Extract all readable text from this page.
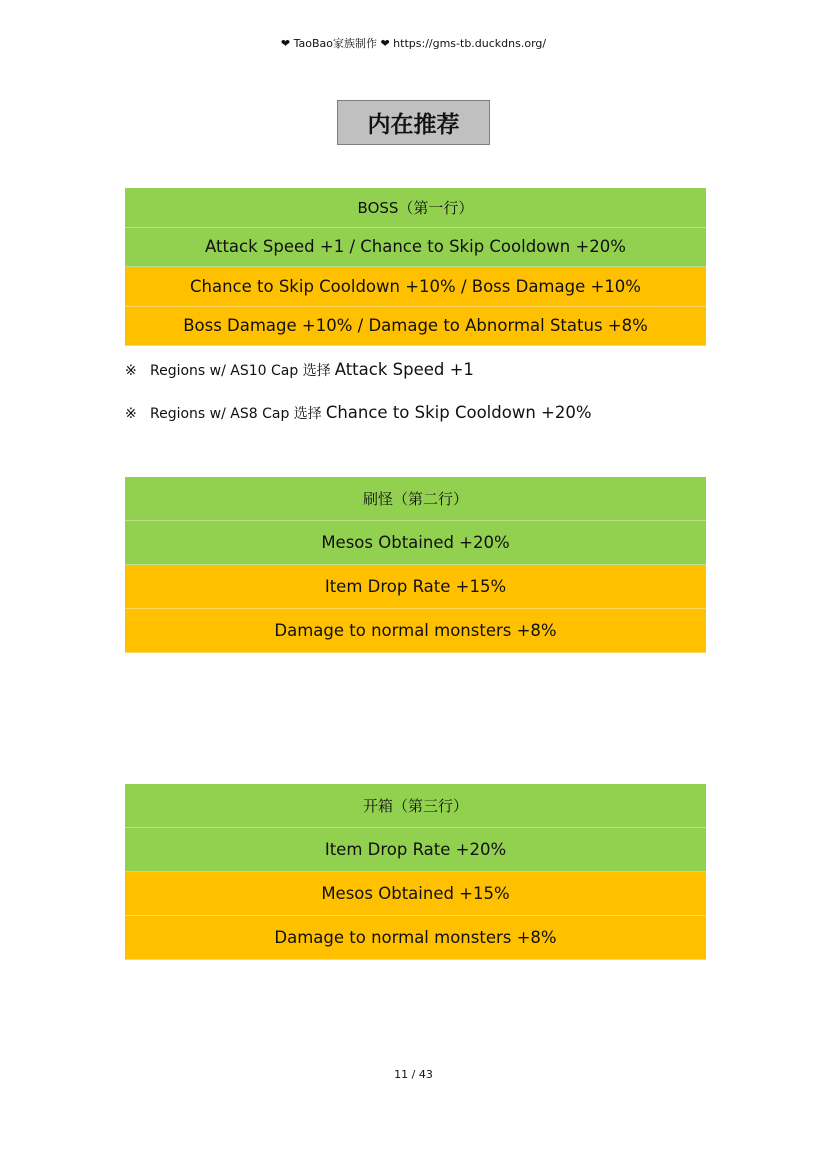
❤ TaoBao家族制作 ❤ https://gms-tb.duckdns.org/
内在推荐
BOSS（第一行）
Attack Speed +1 / Chance to Skip Cooldown +20%
Chance to Skip Cooldown +10% / Boss Damage +10%
Boss Damage +10% / Damage to Abnormal Status +8%
※ Regions w/ AS10 Cap 选择 Attack Speed +1
※ Regions w/ AS8 Cap 选择 Chance to Skip Cooldown +20%
刷怪（第二行）
Mesos Obtained +20%
Item Drop Rate +15%
Damage to normal monsters +8%
开箱（第三行）
Item Drop Rate +20%
Mesos Obtained +15%
Damage to normal monsters +8%
11 / 43
